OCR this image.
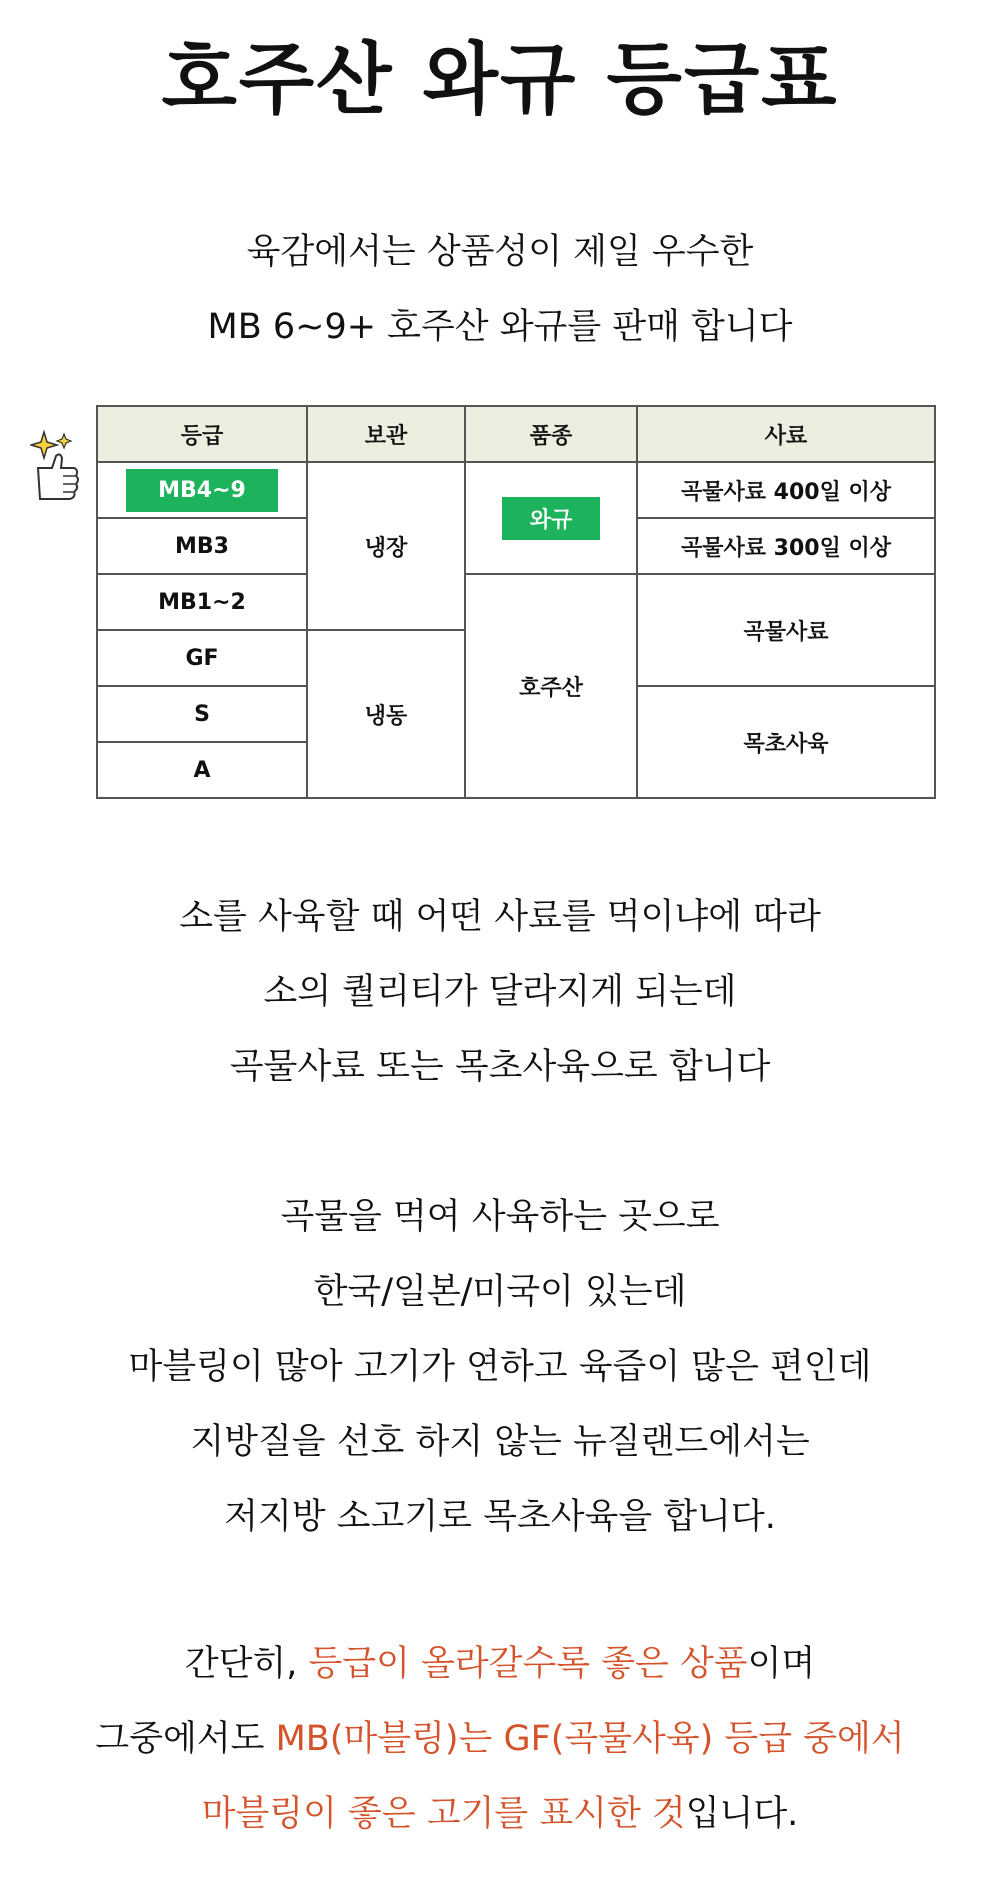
호주산 와규 등급표
육감에서는 상품성이 제일 우수한
MB 6~9+ 호주산 와규를 판매 합니다
등급	보관	품종	사료
MB4~9	냉장	와규	곡물사료 400일 이상
MB3			곡물사료 300일 이상
MB1~2		호주산	곡물사료
GF	냉동		
S			목초사육
A			
소를 사육할 때 어떤 사료를 먹이냐에 따라
소의 퀄리티가 달라지게 되는데
곡물사료 또는 목초사육으로 합니다
곡물을 먹여 사육하는 곳으로
한국/일본/미국이 있는데
마블링이 많아 고기가 연하고 육즙이 많은 편인데
지방질을 선호 하지 않는 뉴질랜드에서는
저지방 소고기로 목초사육을 합니다.
간단히, 등급이 올라갈수록 좋은 상품이며
그중에서도 MB(마블링)는 GF(곡물사육) 등급 중에서
마블링이 좋은 고기를 표시한 것입니다.
